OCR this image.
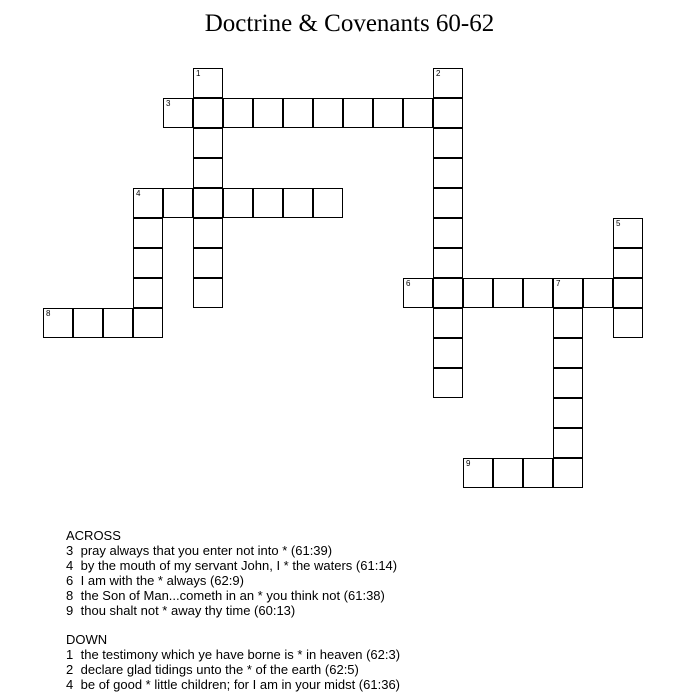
Doctrine & Covenants 60-62
1	2
3
4
5
6	7
8
9
ACROSS
3 pray always that you enter not into * (61:39)
4 by the mouth of my servant John, I * the waters (61:14)
6 I am with the * always (62:9)
8 the Son of Man...cometh in an * you think not (61:38)
9 thou shalt not * away thy time (60:13)
DOWN
1 the testimony which ye have borne is * in heaven (62:3)
2 declare glad tidings unto the * of the earth (62:5)
4 be of good * little children; for I am in your midst (61:36)
